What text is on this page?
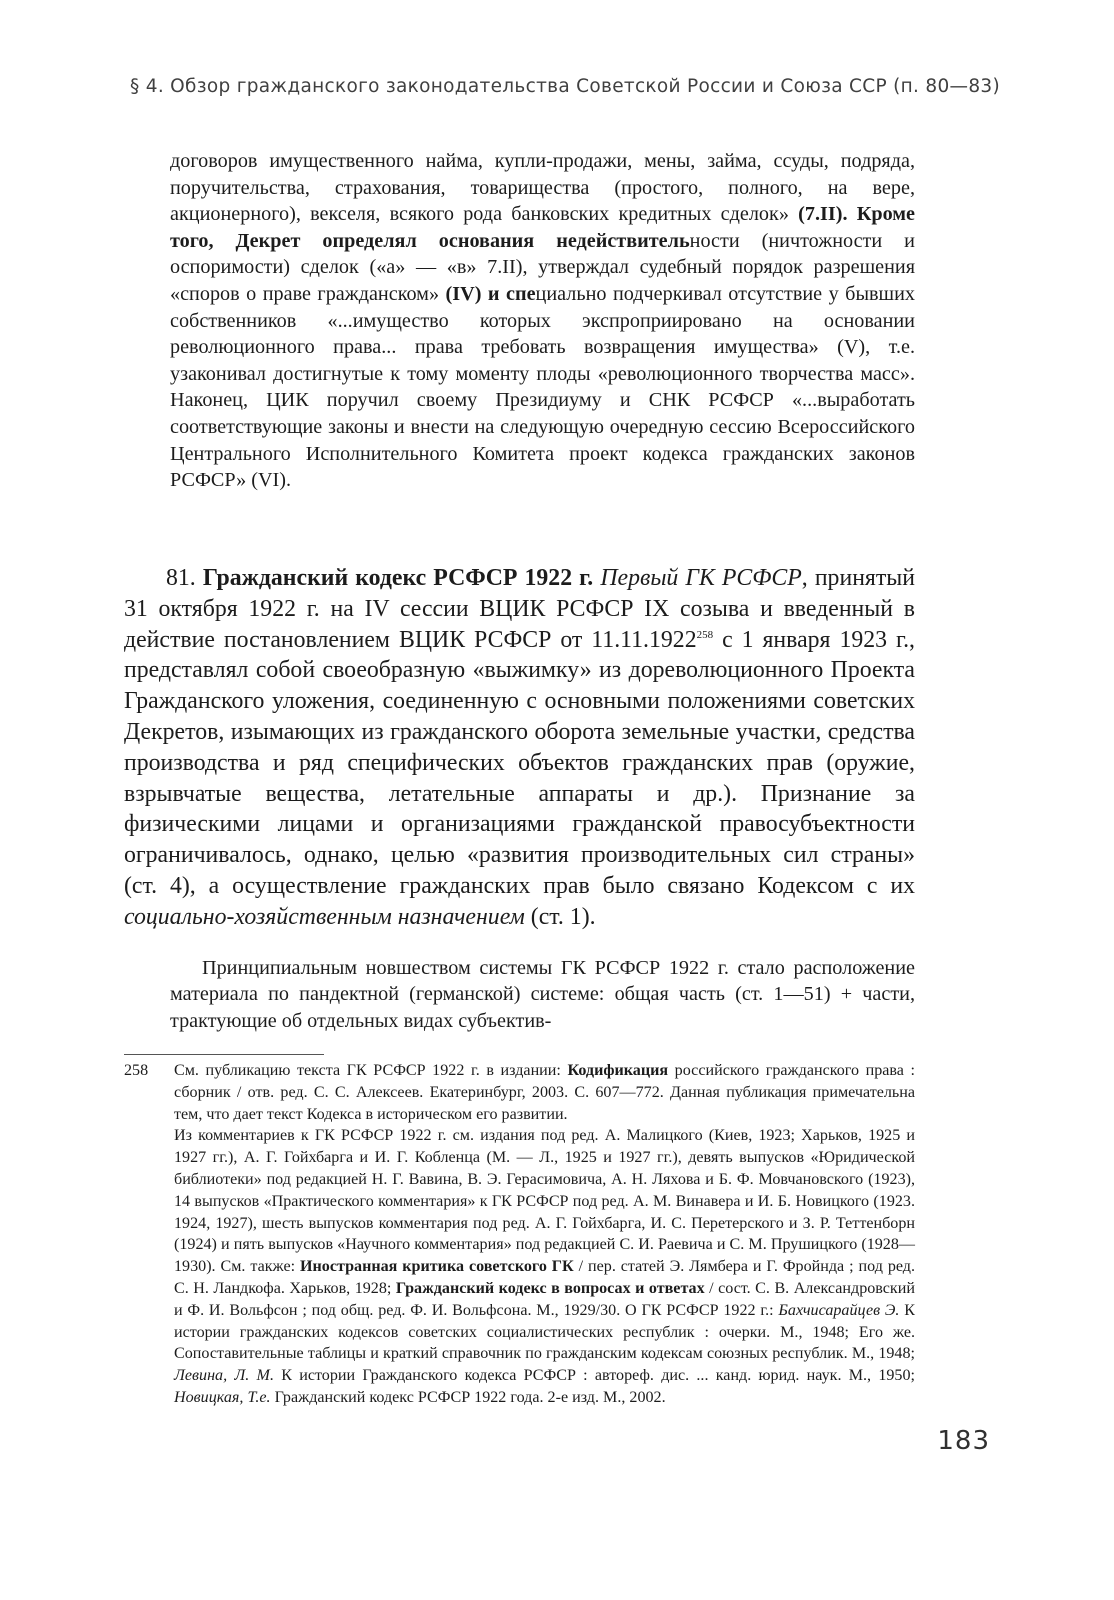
§ 4. Обзор гражданского законодательства Советской России и Союза ССР (п. 80—83)

договоров имущественного найма, купли-продажи, мены, займа, ссуды, подряда, поручительства, страхования, товарищества (простого, полного, на вере, акционерного), векселя, всякого рода банковских кредитных сделок» (7.II). Кроме того, Декрет определял основания недействительности (ничтожности и оспоримости) сделок («а» — «в» 7.II), утверждал судебный порядок разрешения «споров о праве гражданском» (IV) и специально подчеркивал отсутствие у бывших собственников «...имущество которых экспроприировано на основании революционного права... права требовать возвращения имущества» (V), т.е. узаконивал достигнутые к тому моменту плоды «революционного творчества масс». Наконец, ЦИК поручил своему Президиуму и СНК РСФСР «...выработать соответствующие законы и внести на следующую очередную сессию Всероссийского Центрального Исполнительного Комитета проект кодекса гражданских законов РСФСР» (VI).

81. Гражданский кодекс РСФСР 1922 г. Первый ГК РСФСР, принятый 31 октября 1922 г. на IV сессии ВЦИК РСФСР IX созыва и введенный в действие постановлением ВЦИК РСФСР от 11.11.1922$^{258}$ с 1 января 1923 г., представлял собой своеобразную «выжимку» из дореволюционного Проекта Гражданского уложения, соединенную с основными положениями советских Декретов, изымающих из гражданского оборота земельные участки, средства производства и ряд специфических объектов гражданских прав (оружие, взрывчатые вещества, летательные аппараты и др.). Признание за физическими лицами и организациями гражданской правосубъектности ограничивалось, однако, целью «развития производительных сил страны» (ст. 4), а осуществление гражданских прав было связано Кодексом с их социально-хозяйственным назначением (ст. 1).

Принципиальным новшеством системы ГК РСФСР 1922 г. стало расположение материала по пандектной (германской) системе: общая часть (ст. 1—51) + части, трактующие об отдельных видах субъектив-

258	См. публикацию текста ГК РСФСР 1922 г. в издании: Кодификация российского гражданского права : сборник / отв. ред. С. С. Алексеев. Екатеринбург, 2003. С. 607—772. Данная публикация примечательна тем, что дает текст Кодекса в историческом его развитии.

Из комментариев к ГК РСФСР 1922 г. см. издания под ред. А. Малицкого (Киев, 1923; Харьков, 1925 и 1927 гг.), А. Г. Гойхбарга и И. Г. Кобленца (М. — Л., 1925 и 1927 гг.), девять выпусков «Юридической библиотеки» под редакцией Н. Г. Вавина, В. Э. Герасимовича, А. Н. Ляхова и Б. Ф. Мовчановского (1923), 14 выпусков «Практического комментария» к ГК РСФСР под ред. А. М. Винавера и И. Б. Новицкого (1923. 1924, 1927), шесть выпусков комментария под ред. А. Г. Гойхбарга, И. С. Перетерского и З. Р. Теттенборн (1924) и пять выпусков «Научного комментария» под редакцией С. И. Раевича и С. М. Прушицкого (1928—1930). См. также: Иностранная критика советского ГК / пер. статей Э. Лямбера и Г. Фройнда ; под ред. С. Н. Ландкофа. Харьков, 1928; Гражданский кодекс в вопросах и ответах / сост. С. В. Александровский и Ф. И. Вольфсон ; под общ. ред. Ф. И. Вольфсона. М., 1929/30. О ГК РСФСР 1922 г.: Бахчисарайцев Э. К истории гражданских кодексов советских социалистических республик : очерки. М., 1948; Его же. Сопоставительные таблицы и краткий справочник по гражданским кодексам союзных республик. М., 1948; Левина, Л. М. К истории Гражданского кодекса РСФСР : автореф. дис. ... канд. юрид. наук. М., 1950; Новицкая, Т.е. Гражданский кодекс РСФСР 1922 года. 2-е изд. М., 2002.

183
